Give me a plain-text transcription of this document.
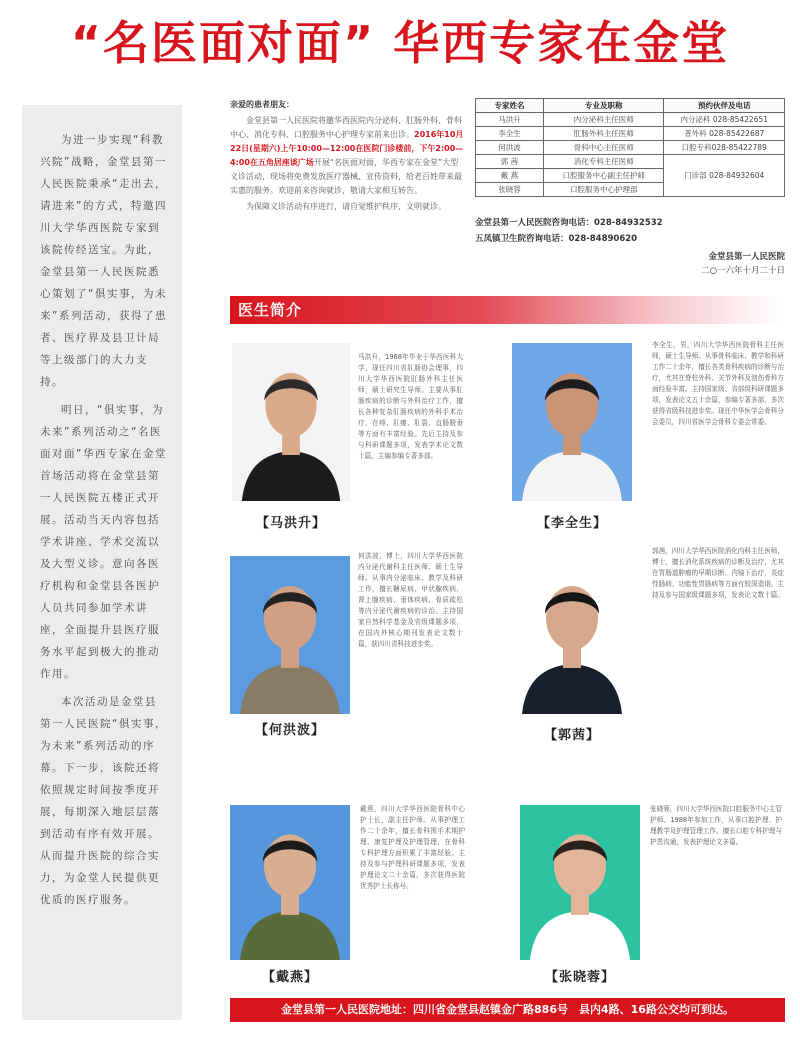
“名医面对面” 华西专家在金堂

为进一步实现“科教兴院”战略，金堂县第一人民医院秉承“走出去，请进来”的方式，特邀四川大学华西医院专家到该院传经送宝。为此，金堂县第一人民医院悉心策划了“俱实事，为未来”系列活动，获得了患者、医疗界及县卫计局等上级部门的大力支持。

明日，“俱实事，为未来”系列活动之“名医面对面”华西专家在金堂首场活动将在金堂县第一人民医院五楼正式开展。活动当天内容包括学术讲座、学术交流以及大型义诊。意向各医疗机构和金堂县各医护人员共同参加学术讲座，全面提升县医疗服务水平起到极大的推动作用。

本次活动是金堂县第一人民医院“俱实事，为未来”系列活动的序幕。下一步，该院还将依照规定时间按季度开展，每期深入地层层落到活动有序有效开展。从而提升医院的综合实力，为金堂人民提供更优质的医疗服务。

亲爱的患者朋友：

金堂县第一人民医院将邀华西医院内分泌科、肛肠外科、骨科中心、消化专科、口腔服务中心护理专家前来出诊。2016年10月22日(星期六)上午10:00—12:00在医院门诊楼前，下午2:00—4:00在五角居座谈广场开展“名医面对面，华西专家在金堂”大型义诊活动，现场将免费发放医疗器械、宣传资料，给老百姓带来最实惠的服务。欢迎前来咨询就诊，敬请大家相互转告。

为保障义诊活动有序进行，请自觉维护秩序，文明就诊。

专家姓名	专业及职称	预约伙伴及电话
马洪升	内分泌科主任医师	内分泌科 028-85422651
李全生	肛肠外科主任医师	普外科 028-85422687
何洪波	骨科中心主任医师	口腔专科028-85422789
郭 茜	消化专科主任医师	门诊部 028-84932604
戴 燕	口腔服务中心副主任护师	
张晓蓉	口腔服务中心护理部	
金堂县第一人民医院咨询电话：028-84932532
五凤镇卫生院咨询电话：028-84890620
金堂县第一人民医院
二○一六年十月二十日
医生简介
马洪升，1968年毕业于华西医科大学，现任四川省肛肠协会理事，四川大学华西医院肛肠外科主任医师，硕士研究生导师。主要从事肛肠疾病的诊断与外科治疗工作，擅长各种复杂肛肠疾病的外科手术治疗，在痔、肛瘘、肛裂、直肠脱垂等方面有丰富经验。先后主持及参与科研课题多项，发表学术论文数十篇，主编参编专著多部。
【马洪升】
李全生，男，四川大学华西医院骨科主任医师，硕士生导师。从事骨科临床、教学和科研工作二十余年，擅长各类骨科疾病的诊断与治疗，尤其在脊柱外科、关节外科及创伤骨科方面经验丰富。主持国家级、省部级科研课题多项，发表论文五十余篇，参编专著多部，多次获得省级科技进步奖。现任中华医学会骨科分会委员，四川省医学会骨科专委会常委。
【李全生】
何洪波，博士，四川大学华西医院内分泌代谢科主任医师、硕士生导师。从事内分泌临床、教学及科研工作，擅长糖尿病、甲状腺疾病、肾上腺疾病、垂体疾病、骨质疏松等内分泌代谢疾病的诊治。主持国家自然科学基金及省级课题多项，在国内外核心期刊发表论文数十篇，获四川省科技进步奖。
【何洪波】
郭茜，四川大学华西医院消化内科主任医师，博士，擅长消化系统疾病的诊断及治疗，尤其在胃肠道肿瘤的早期诊断、内镜下治疗，炎症性肠病、功能性胃肠病等方面有较深造诣。主持及参与国家级课题多项，发表论文数十篇。
【郭茜】
戴燕，四川大学华西医院骨科中心护士长，副主任护师。从事护理工作二十余年，擅长骨科围手术期护理、康复护理及护理管理，在骨科专科护理方面积累了丰富经验。主持及参与护理科研课题多项，发表护理论文二十余篇，多次获得医院优秀护士长称号。
【戴燕】
张晓蓉，四川大学华西医院口腔服务中心主管护师。1988年参加工作，从事口腔护理、护理教学及护理管理工作。擅长口腔专科护理与护患沟通，发表护理论文多篇。
【张晓蓉】
金堂县第一人民医院地址：四川省金堂县赵镇金广路886号　县内4路、16路公交均可到达。
